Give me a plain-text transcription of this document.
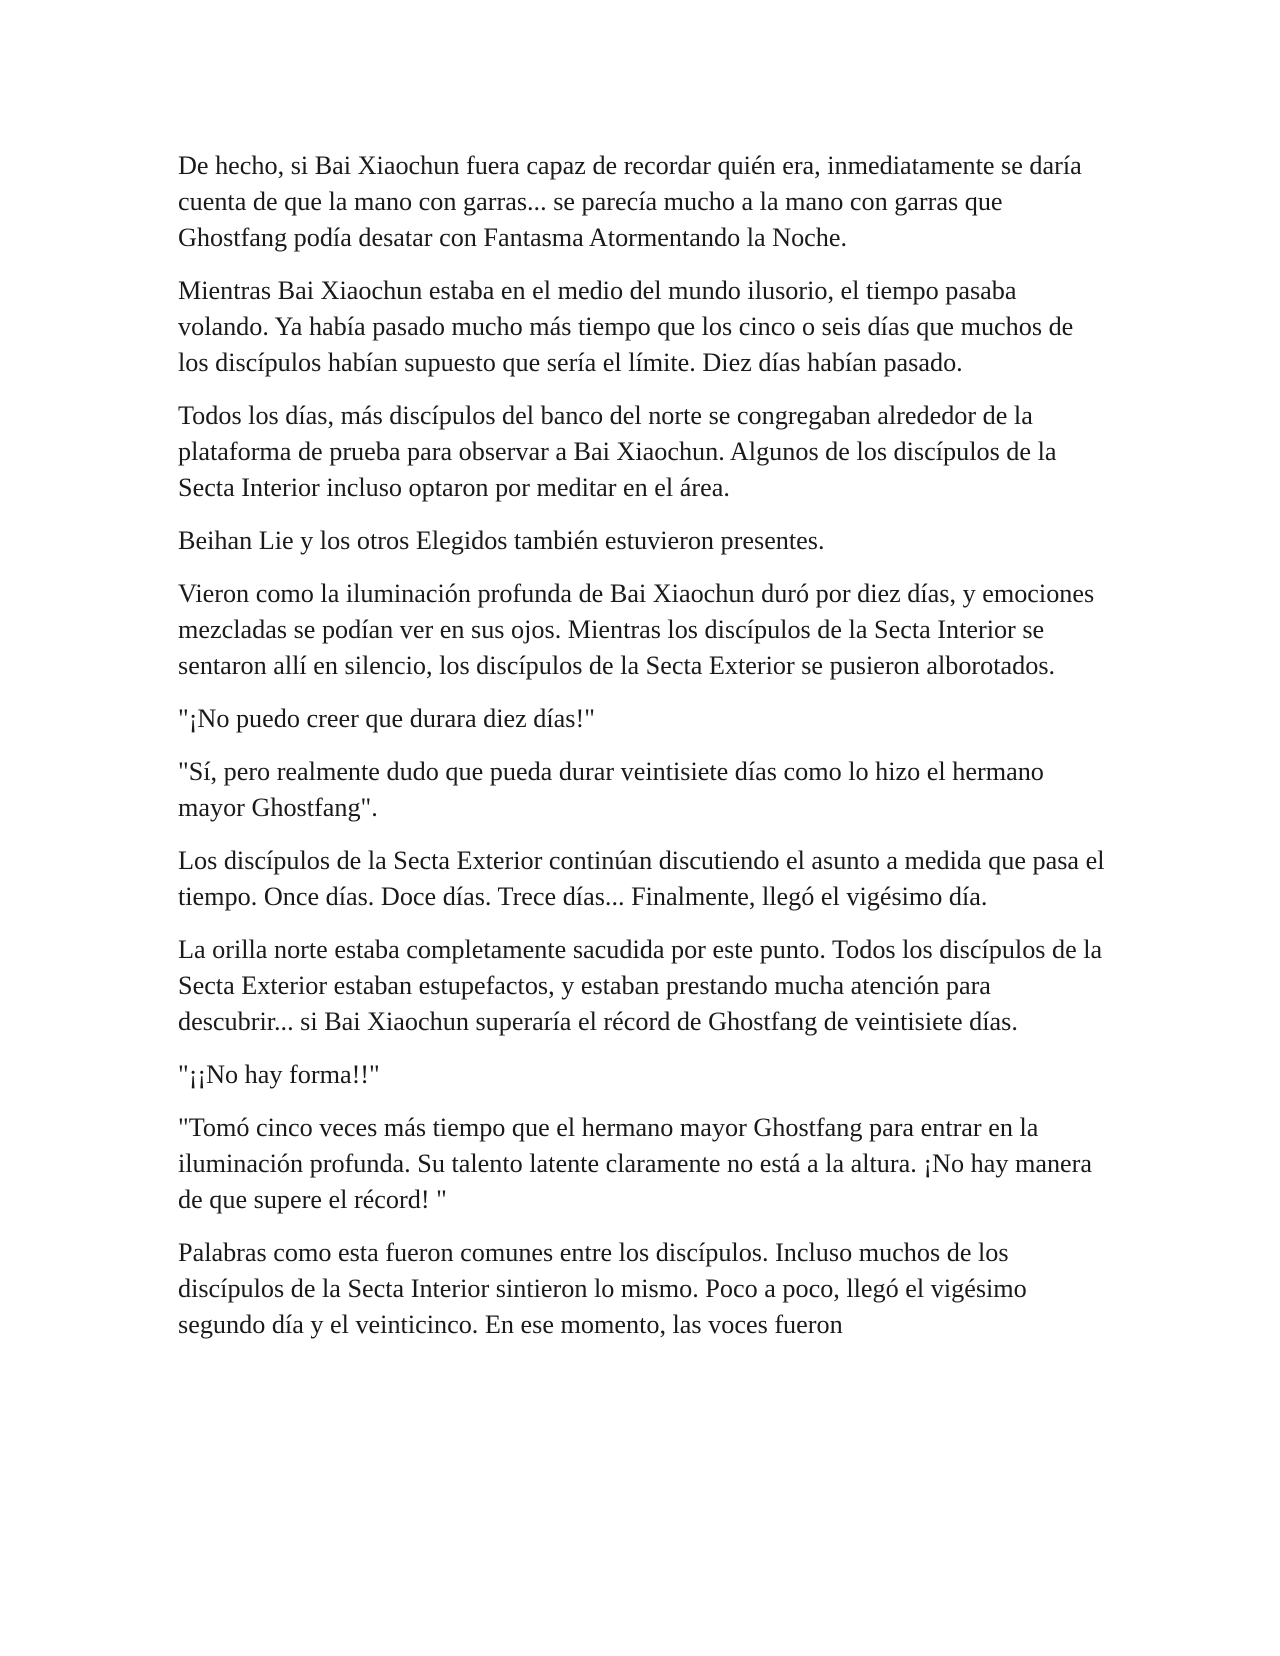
De hecho, si Bai Xiaochun fuera capaz de recordar quién era, inmediatamente se daría cuenta de que la mano con garras... se parecía mucho a la mano con garras que Ghostfang podía desatar con Fantasma Atormentando la Noche.

Mientras Bai Xiaochun estaba en el medio del mundo ilusorio, el tiempo pasaba volando. Ya había pasado mucho más tiempo que los cinco o seis días que muchos de los discípulos habían supuesto que sería el límite. Diez días habían pasado.

Todos los días, más discípulos del banco del norte se congregaban alrededor de la plataforma de prueba para observar a Bai Xiaochun. Algunos de los discípulos de la Secta Interior incluso optaron por meditar en el área.

Beihan Lie y los otros Elegidos también estuvieron presentes.

Vieron como la iluminación profunda de Bai Xiaochun duró por diez días, y emociones mezcladas se podían ver en sus ojos. Mientras los discípulos de la Secta Interior se sentaron allí en silencio, los discípulos de la Secta Exterior se pusieron alborotados.

"¡No puedo creer que durara diez días!"

"Sí, pero realmente dudo que pueda durar veintisiete días como lo hizo el hermano mayor Ghostfang".

Los discípulos de la Secta Exterior continúan discutiendo el asunto a medida que pasa el tiempo. Once días. Doce días. Trece días... Finalmente, llegó el vigésimo día.

La orilla norte estaba completamente sacudida por este punto. Todos los discípulos de la Secta Exterior estaban estupefactos, y estaban prestando mucha atención para descubrir... si Bai Xiaochun superaría el récord de Ghostfang de veintisiete días.

"¡¡No hay forma!!"

"Tomó cinco veces más tiempo que el hermano mayor Ghostfang para entrar en la iluminación profunda. Su talento latente claramente no está a la altura. ¡No hay manera de que supere el récord! "

Palabras como esta fueron comunes entre los discípulos. Incluso muchos de los discípulos de la Secta Interior sintieron lo mismo. Poco a poco, llegó el vigésimo segundo día y el veinticinco. En ese momento, las voces fueron
